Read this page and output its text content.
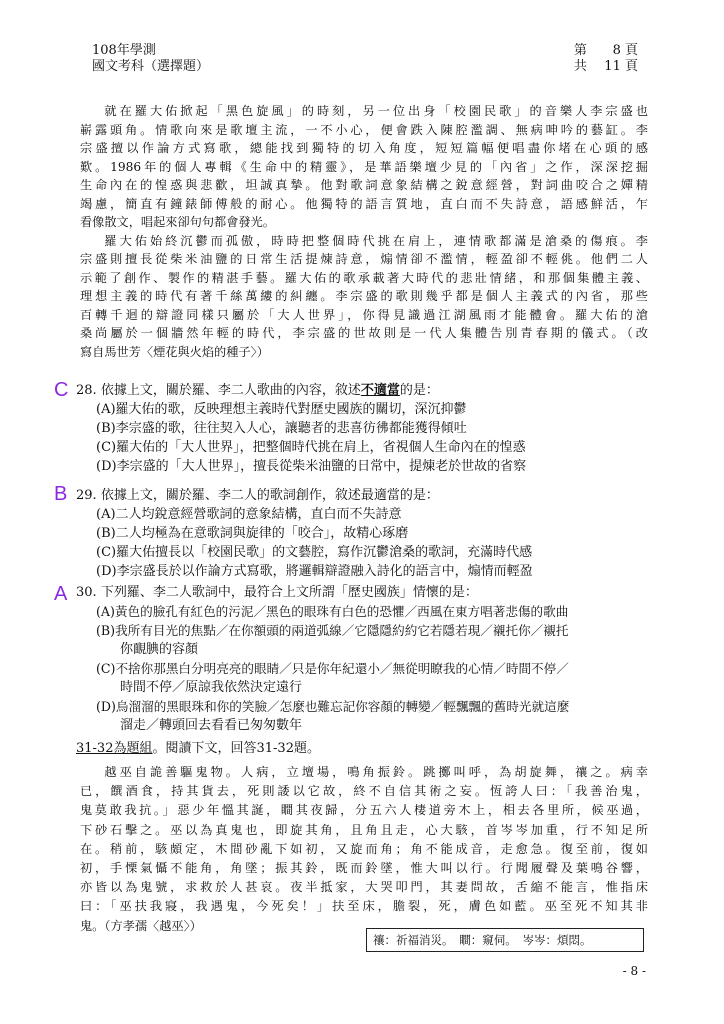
108年學測
國文考科（選擇題）
第 8 頁
共 11 頁
就在羅大佑掀起「黑色旋風」的時刻，另一位出身「校園民歌」的音樂人李宗盛也
嶄露頭角。情歌向來是歌壇主流，一不小心，便會跌入陳腔濫調、無病呻吟的藝缸。李
宗盛擅以作論方式寫歌，總能找到獨特的切入角度，短短篇幅便唱盡你堵在心頭的感
歎。1986年的個人專輯《生命中的精靈》，是華語樂壇少見的「內省」之作，深深挖掘
生命內在的惶惑與悲歡，坦誠真摯。他對歌詞意象結構之銳意經營，對詞曲咬合之嬋精
竭慮，簡直有鐘錶師傅般的耐心。他獨特的語言質地，直白而不失詩意，語感鮮活，乍
看像散文，唱起來卻句句都會發光。
羅大佑始終沉鬱而孤傲，時時把整個時代挑在肩上，連情歌都滿是滄桑的傷痕。李
宗盛則擅長從柴米油鹽的日常生活提煉詩意，煽情卻不濫情，輕盈卻不輕佻。他們二人
示範了創作、製作的精湛手藝。羅大佑的歌承載著大時代的悲壯情緒，和那個集體主義、
理想主義的時代有著千絲萬縷的糾纏。李宗盛的歌則幾乎都是個人主義式的內省，那些
百轉千迴的辯證同樣只屬於「大人世界」，你得見識過江湖風雨才能體會。羅大佑的滄
桑尚屬於一個牆然年輕的時代，李宗盛的世故則是一代人集體告別青春期的儀式。（改
寫自馬世芳〈煙花與火焰的種子〉）
C 28. 依據上文，關於羅、李二人歌曲的內容，敘述不適當的是：
(A)羅大佑的歌，反映理想主義時代對歷史國族的關切，深沉抑鬱
(B)李宗盛的歌，往往契入人心，讓聽者的悲喜彷彿都能獲得傾吐
(C)羅大佑的「大人世界」，把整個時代挑在肩上，省視個人生命內在的惶惑
(D)李宗盛的「大人世界」，擅長從柴米油鹽的日常中，提煉老於世故的省察
B 29. 依據上文，關於羅、李二人的歌詞創作，敘述最適當的是：
(A)二人均銳意經營歌詞的意象結構，直白而不失詩意
(B)二人均極為在意歌詞與旋律的「咬合」，故精心琢磨
(C)羅大佑擅長以「校園民歌」的文藝腔，寫作沉鬱滄桑的歌詞，充滿時代感
(D)李宗盛長於以作論方式寫歌，將邏輯辯證融入詩化的語言中，煽情而輕盈
A 30. 下列羅、李二人歌詞中，最符合上文所謂「歷史國族」情懷的是：
(A)黃色的臉孔有紅色的污泥／黑色的眼珠有白色的恐懼／西風在東方唱著悲傷的歌曲
(B)我所有目光的焦點／在你額頭的兩道弧線／它隱隱約約它若隱若現／襯托你／襯托
你靦腆的容顏
(C)不捨你那黑白分明亮亮的眼睛／只是你年紀還小／無從明瞭我的心情／時間不停／
時間不停／原諒我依然決定遠行
(D)烏溜溜的黑眼珠和你的笑臉／怎麼也難忘記你容顏的轉變／輕飄飄的舊時光就這麼
溜走／轉頭回去看看已匆匆數年
31-32為題組。閱讀下文，回答31-32題。
越巫自詭善驅鬼物。人病，立壇場，鳴角振鈴。跳擲叫呼，為胡旋舞，禳之。病幸
已，饌酒食，持其貨去，死則諉以它故，終不自信其術之妄。恆誇人曰：「我善治鬼，
鬼莫敢我抗。」惡少年慍其誕，瞷其夜歸，分五六人棲道旁木上，相去各里所，候巫過，
下砂石擊之。巫以為真鬼也，即旋其角，且角且走，心大駭，首岑岑加重，行不知足所
在。稍前，駭頗定，木間砂亂下如初，又旋而角；角不能成音，走愈急。復至前，復如
初，手慄氣懾不能角，角墜；振其鈴，既而鈴墜，惟大叫以行。行聞履聲及葉鳴谷響，
亦皆以為鬼號，求救於人甚哀。夜半抵家，大哭叩門，其妻問故，舌縮不能言，惟指床
曰：「巫扶我寢，我遇鬼，今死矣！」扶至床，膽裂，死，膚色如藍。巫至死不知其非
鬼。（方孝孺〈越巫〉）
禳：祈福消災。　瞷：窺伺。　岑岑：煩悶。
- 8 -
